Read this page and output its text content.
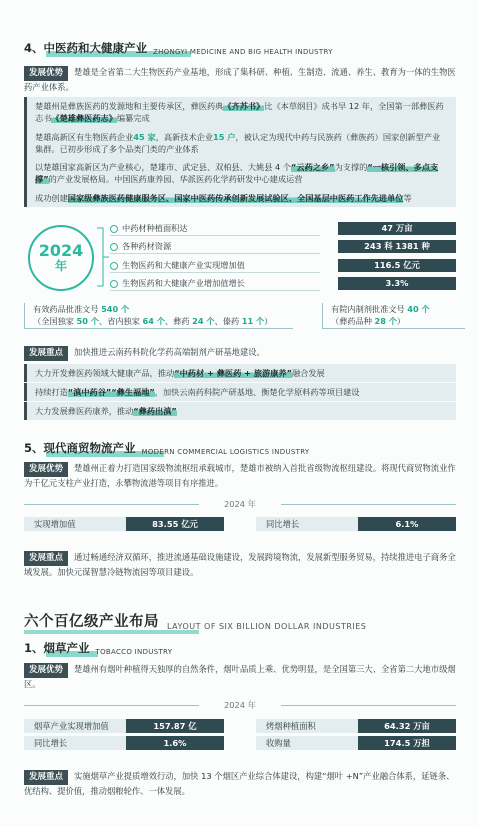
4、中医药和大健康产业 ZHONGYI MEDICINE AND BIG HEALTH INDUSTRY
发展优势 楚雄是全省第二大生物医药产业基地，形成了集科研、种植、生制造、流通、养生、教育为一体的生物医药产业体系。
楚雄州是彝族医药的发源地和主要传承区，彝医药典《齐苏书》比《本草纲目》成书早 12 年，全国第一部彝医药志书《楚雄彝医药志》编纂完成
楚雄高新区有生物医药企业45 家，高新技术企业15 户，被认定为现代中药与民族药（彝族药）国家创新型产业集群。已初步形成了多个品类门类的产业体系
以楚雄国家高新区为产业核心，楚雄市、武定县、双柏县、大姚县 4 个“云药之乡”为支撑的“一核引领、多点支撑”的产业发展格局。中国医药康养园、华派医药化学药研发中心建成运营
成功创建国家级彝族医药健康服务区、国家中医药传承创新发展试验区、全国基层中医药工作先进单位等
2024
年
中药材种植面积达	47 万亩
各种药材资源	243 科 1381 种
生物医药和大健康产业实现增加值	116.5 亿元
生物医药和大健康产业增加值增长	3.3%
有效药品批准文号 540 个
（全国独家 50 个、省内独家 64 个、彝药 24 个、傣药 11 个）
有院内制剂批准文号 40 个
（彝药品种 28 个）
发展重点 加快推进云南药科院化学药高端制剂产研基地建设。
大力开发彝医药领域大健康产品，推动“中药材 + 彝医药 + 旅游康养”融合发展
持续打造“滇中药谷”“彝生福地”，加快云南药科院产研基地、衡楚化学原料药等项目建设
大力发展彝医药康养，推动“彝药出滇”
5、现代商贸物流产业 MODERN COMMERCIAL LOGISTICS INDUSTRY
发展优势 楚雄州正着力打造国家级物流枢纽承载城市，楚雄市被纳入首批省级物流枢纽建设。将现代商贸物流业作为千亿元支柱产业打造，永攀物流港等项目有序推进。
2024 年
实现增加值	83.55 亿元	同比增长	6.1%
发展重点 通过畅通经济双循环，推进流通基础设施建设，发展跨境物流，发展新型服务贸易，持续推进电子商务全域发展。加快元谋智慧冷链物流园等项目建设。
六个百亿级产业布局 LAYOUT OF SIX BILLION DOLLAR INDUSTRIES
1、烟草产业 TOBACCO INDUSTRY
发展优势 楚雄州有烟叶种植得天独厚的自然条件，烟叶品质上乘、优势明显，是全国第三大、全省第二大地市级烟区。
2024 年
烟草产业实现增加值	157.87 亿	烤烟种植面积	64.32 万亩
同比增长	1.6%	收购量	174.5 万担
发展重点 实施烟草产业提质增效行动，加快 13 个烟区产业综合体建设，构建“烟叶 +N”产业融合体系，延链条、优结构、提价值，推动烟粮轮作、一体发展。
